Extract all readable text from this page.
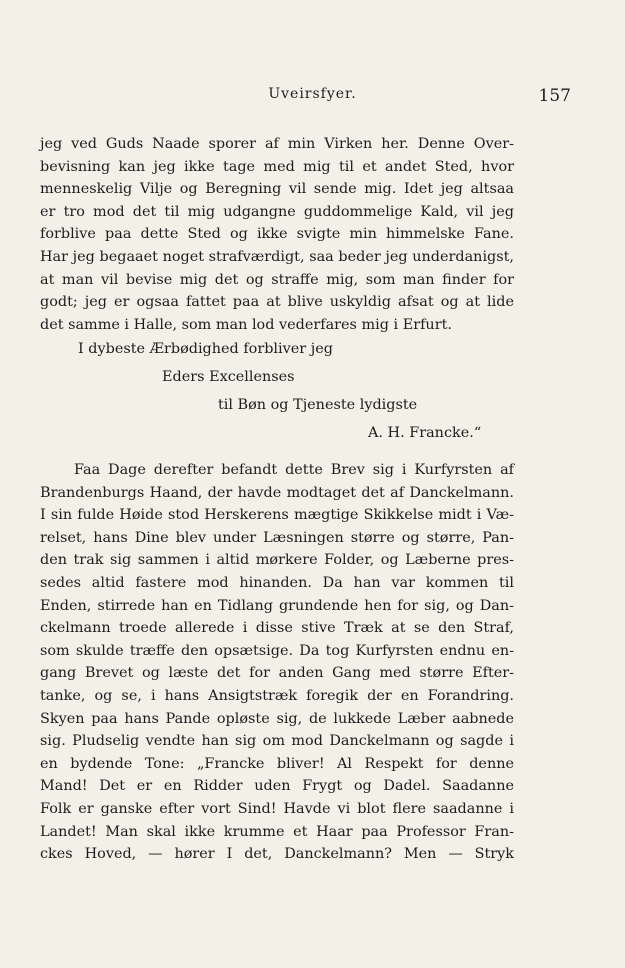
Uveirsfyer.	157
jeg ved Guds Naade sporer af min Virken her. Denne Over-
bevisning kan jeg ikke tage med mig til et andet Sted, hvor
menneskelig Vilje og Beregning vil sende mig. Idet jeg altsaa
er tro mod det til mig udgangne guddommelige Kald, vil jeg
forblive paa dette Sted og ikke svigte min himmelske Fane.
Har jeg begaaet noget strafværdigt, saa beder jeg underdanigst,
at man vil bevise mig det og straffe mig, som man finder for
godt; jeg er ogsaa fattet paa at blive uskyldig afsat og at lide
det samme i Halle, som man lod vederfares mig i Erfurt.
I dybeste Ærbødighed forbliver jeg
Eders Excellenses
til Bøn og Tjeneste lydigste
A. H. Francke.“
Faa Dage derefter befandt dette Brev sig i Kurfyrsten af
Brandenburgs Haand, der havde modtaget det af Danckelmann.
I sin fulde Høide stod Herskerens mægtige Skikkelse midt i Væ-
relset, hans Dine blev under Læsningen større og større, Pan-
den trak sig sammen i altid mørkere Folder, og Læberne pres-
sedes altid fastere mod hinanden. Da han var kommen til
Enden, stirrede han en Tidlang grundende hen for sig, og Dan-
ckelmann troede allerede i disse stive Træk at se den Straf,
som skulde træffe den opsætsige. Da tog Kurfyrsten endnu en-
gang Brevet og læste det for anden Gang med større Efter-
tanke, og se, i hans Ansigtstræk foregik der en Forandring.
Skyen paa hans Pande opløste sig, de lukkede Læber aabnede
sig. Pludselig vendte han sig om mod Danckelmann og sagde i
en bydende Tone: „Francke bliver! Al Respekt for denne
Mand! Det er en Ridder uden Frygt og Dadel. Saadanne
Folk er ganske efter vort Sind! Havde vi blot flere saadanne i
Landet! Man skal ikke krumme et Haar paa Professor Fran-
ckes Hoved, — hører I det, Danckelmann? Men — Stryk
